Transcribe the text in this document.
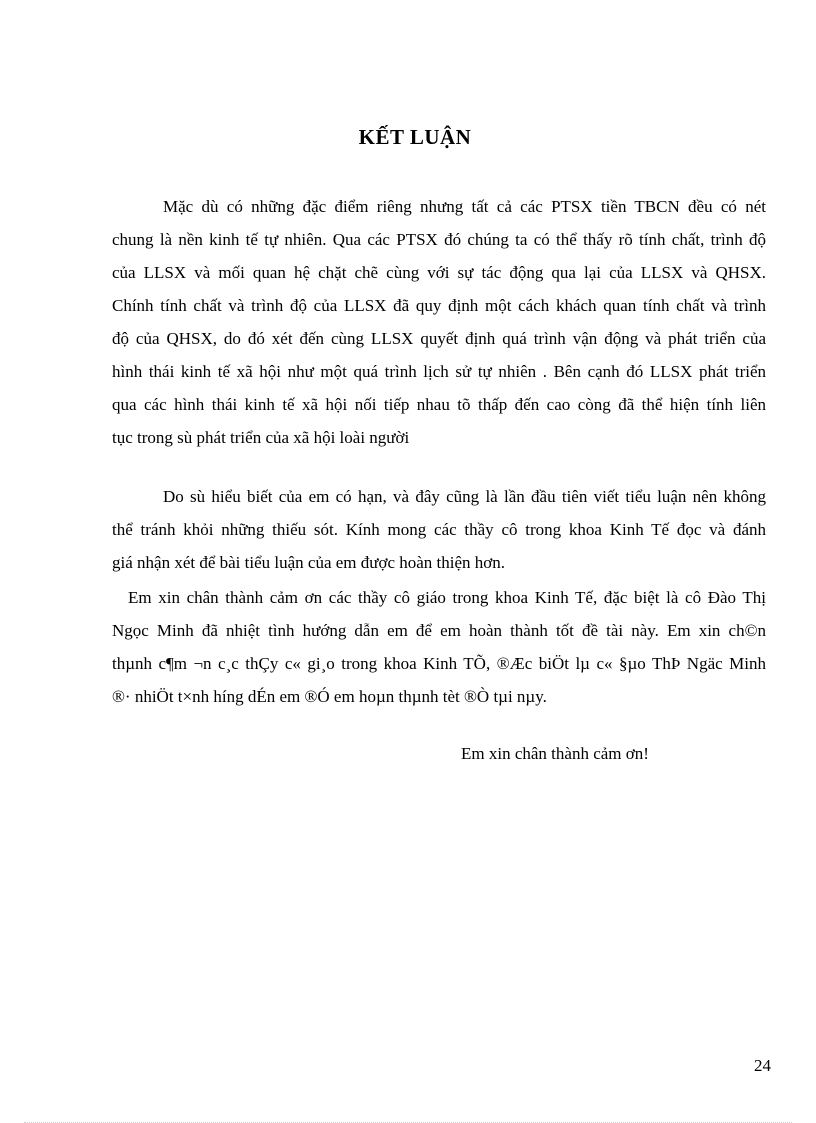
KẾT LUẬN
Mặc dù có những đặc điểm riêng nhưng tất cả các PTSX tiền TBCN đều có nét
chung là nền kinh tế tự nhiên. Qua các PTSX đó chúng ta có thể thấy rõ tính chất, trình độ
của LLSX và mối quan hệ chặt chẽ cùng với sự tác động qua lại của LLSX và QHSX.
Chính tính chất và trình độ của LLSX đã quy định một cách khách quan tính chất và trình
độ của QHSX, do đó xét đến cùng LLSX quyết định quá trình vận động và phát triển của
hình thái kinh tế xã hội như một quá trình lịch sử tự nhiên . Bên cạnh đó LLSX phát triển
qua các hình thái kinh tế xã hội nối tiếp nhau tõ thấp đến cao còng đã thể hiện tính liên
tục trong sù phát triển của xã hội loài người
Do sù hiểu biết của em có hạn, và đây cũng là lần đầu tiên viết tiểu luận nên không
thể tránh khỏi những thiếu sót. Kính mong các thầy cô trong khoa Kinh Tế đọc và đánh
giá nhận xét để bài tiểu luận của em được hoàn thiện hơn.
Em xin chân thành cảm ơn các thầy cô giáo trong khoa Kinh Tế, đặc biệt là cô Đào Thị
Ngọc Minh đã nhiệt tình hướng dẫn em để em hoàn thành tốt đề tài này. Em xin ch©n
thµnh c¶m ¬n c¸c thÇy c« gi¸o trong khoa Kinh TÕ, ®Æc biÖt lµ c« §µo ThÞ Ngäc Minh
®· nhiÖt t×nh híng dÉn em ®Ó em hoµn thµnh tèt ®Ò tµi nµy.
Em xin chân thành cảm ơn!
24
